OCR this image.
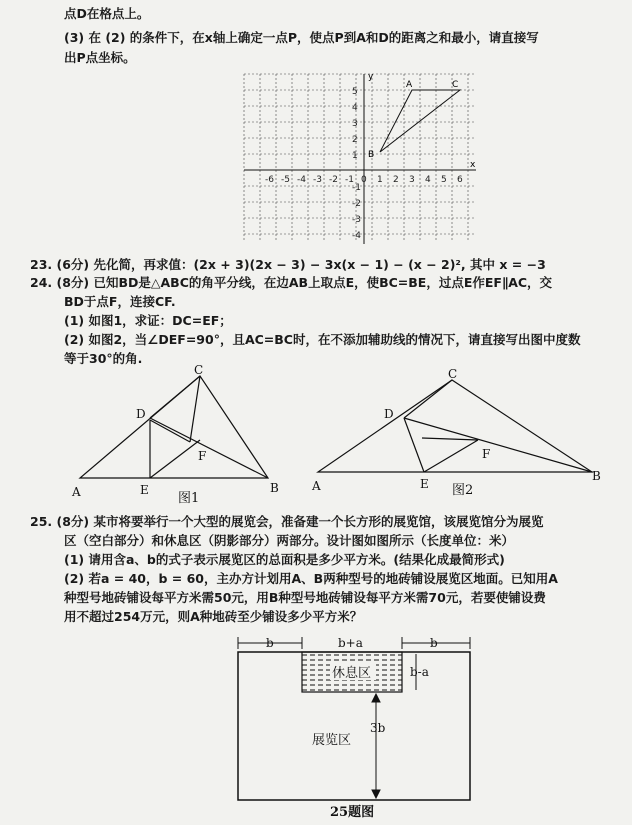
点D在格点上。
(3) 在 (2) 的条件下，在x轴上确定一点P，使点P到A和D的距离之和最小，请直接写
出P点坐标。
-6 -5 -4 -3 -2 -1 0 1 2 3 4 5 6
5
4
3
2
1
-1
-2
-3
-4
x
y
A	C
B
23. (6分) 先化简，再求值：(2x + 3)(2x − 3) − 3x(x − 1) − (x − 2)², 其中 x = −3
24. (8分) 已知BD是△ABC的角平分线，在边AB上取点E，使BC=BE，过点E作EF∥AC，交
BD于点F，连接CF.
(1) 如图1，求证：DC=EF；
(2) 如图2，当∠DEF=90°，且AC=BC时，在不添加辅助线的情况下，请直接写出图中度数
等于30°的角.
A	B
C
D
E
F
图1
A
B
C
D
E
F
图2
25. (8分) 某市将要举行一个大型的展览会，准备建一个长方形的展览馆，该展览馆分为展览
区（空白部分）和休息区（阴影部分）两部分。设计图如图所示（长度单位：米）
(1) 请用含a、b的式子表示展览区的总面积是多少平方米。(结果化成最简形式)
(2) 若a = 40，b = 60，主办方计划用A、B两种型号的地砖铺设展览区地面。已知用A
种型号地砖铺设每平方米需50元，用B种型号地砖铺设每平方米需70元，若要使铺设费
用不超过254万元，则A种地砖至少铺设多少平方米？
b	b+a	b
休息区	b-a
3b
展览区
25题图
